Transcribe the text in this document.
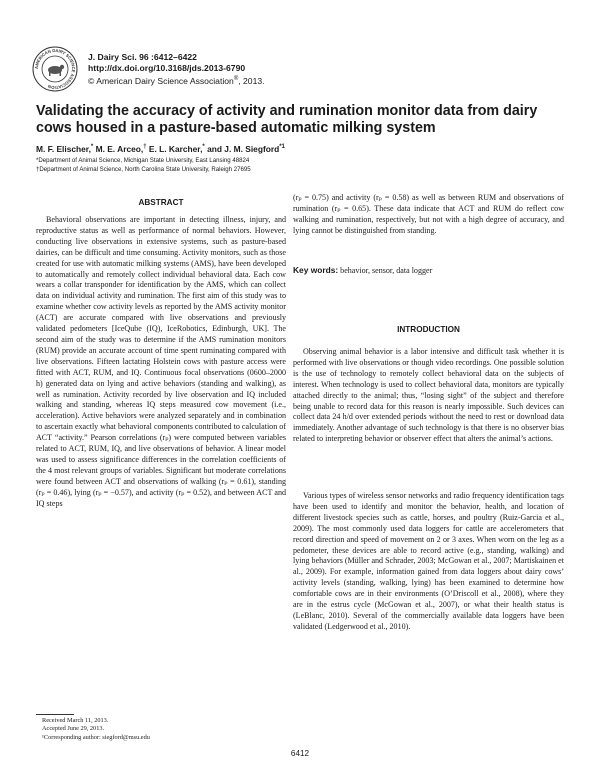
AMERICAN DAIRY SCIENCE ASSOCIATION
J. Dairy Sci. 96 :6412–6422
http://dx.doi.org/10.3168/jds.2013-6790
© American Dairy Science Association®, 2013.
Validating the accuracy of activity and rumination monitor data from dairy cows housed in a pasture-based automatic milking system
M. F. Elischer,* M. E. Arceo,† E. L. Karcher,* and J. M. Siegford$^{*1}$
*Department of Animal Science, Michigan State University, East Lansing 48824
†Department of Animal Science, North Carolina State University, Raleigh 27695
ABSTRACT

Behavioral observations are important in detecting illness, injury, and reproductive status as well as performance of normal behaviors. However, conducting live observations in extensive systems, such as pasture-based dairies, can be difficult and time consuming. Activity monitors, such as those created for use with automatic milking systems (AMS), have been developed to automatically and remotely collect individual behavioral data. Each cow wears a collar transponder for identification by the AMS, which can collect data on individual activity and rumination. The first aim of this study was to examine whether cow activity levels as reported by the AMS activity monitor (ACT) are accurate compared with live observations and previously validated pedometers [IceQube (IQ), IceRobotics, Edinburgh, UK]. The second aim of the study was to determine if the AMS rumination monitors (RUM) provide an accurate account of time spent ruminating compared with live observations. Fifteen lactating Holstein cows with pasture access were fitted with ACT, RUM, and IQ. Continuous focal observations (0600–2000 h) generated data on lying and active behaviors (standing and walking), as well as rumination. Activity recorded by live observation and IQ included walking and standing, whereas IQ steps measured cow movement (i.e., acceleration). Active behaviors were analyzed separately and in combination to ascertain exactly what behavioral components contributed to calculation of ACT “activity.” Pearson correlations (rₚ) were computed between variables related to ACT, RUM, IQ, and live observations of behavior. A linear model was used to assess significance differences in the correlation coefficients of the 4 most relevant groups of variables. Significant but moderate correlations were found between ACT and observations of walking (rₚ = 0.61), standing (rₚ = 0.46), lying (rₚ = −0.57), and activity (rₚ = 0.52), and between ACT and IQ steps

(rₚ = 0.75) and activity (rₚ = 0.58) as well as between RUM and observations of rumination (rₚ = 0.65). These data indicate that ACT and RUM do reflect cow walking and rumination, respectively, but not with a high degree of accuracy, and lying cannot be distinguished from standing.

Key words: behavior, sensor, data logger

INTRODUCTION

Observing animal behavior is a labor intensive and difficult task whether it is performed with live observations or though video recordings. One possible solution is the use of technology to remotely collect behavioral data on the subjects of interest. When technology is used to collect behavioral data, monitors are typically attached directly to the animal; thus, “losing sight” of the subject and therefore being unable to record data for this reason is nearly impossible. Such devices can collect data 24 h/d over extended periods without the need to rest or download data immediately. Another advantage of such technology is that there is no observer bias related to interpreting behavior or observer effect that alters the animal’s actions.

Various types of wireless sensor networks and radio frequency identification tags have been used to identify and monitor the behavior, health, and location of different livestock species such as cattle, horses, and poultry (Ruiz-Garcia et al., 2009). The most commonly used data loggers for cattle are accelerometers that record direction and speed of movement on 2 or 3 axes. When worn on the leg as a pedometer, these devices are able to record active (e.g., standing, walking) and lying behaviors (Müller and Schrader, 2003; McGowan et al., 2007; Martiskainen et al., 2009). For example, information gained from data loggers about dairy cows’ activity levels (standing, walking, lying) has been examined to determine how comfortable cows are in their environments (O’Driscoll et al., 2008), where they are in the estrus cycle (McGowan et al., 2007), or what their health status is (LeBlanc, 2010). Several of the commercially available data loggers have been validated (Ledgerwood et al., 2010).

Received March 11, 2013.
Accepted June 29, 2013.
¹Corresponding author: siegford@msu.edu
6412
